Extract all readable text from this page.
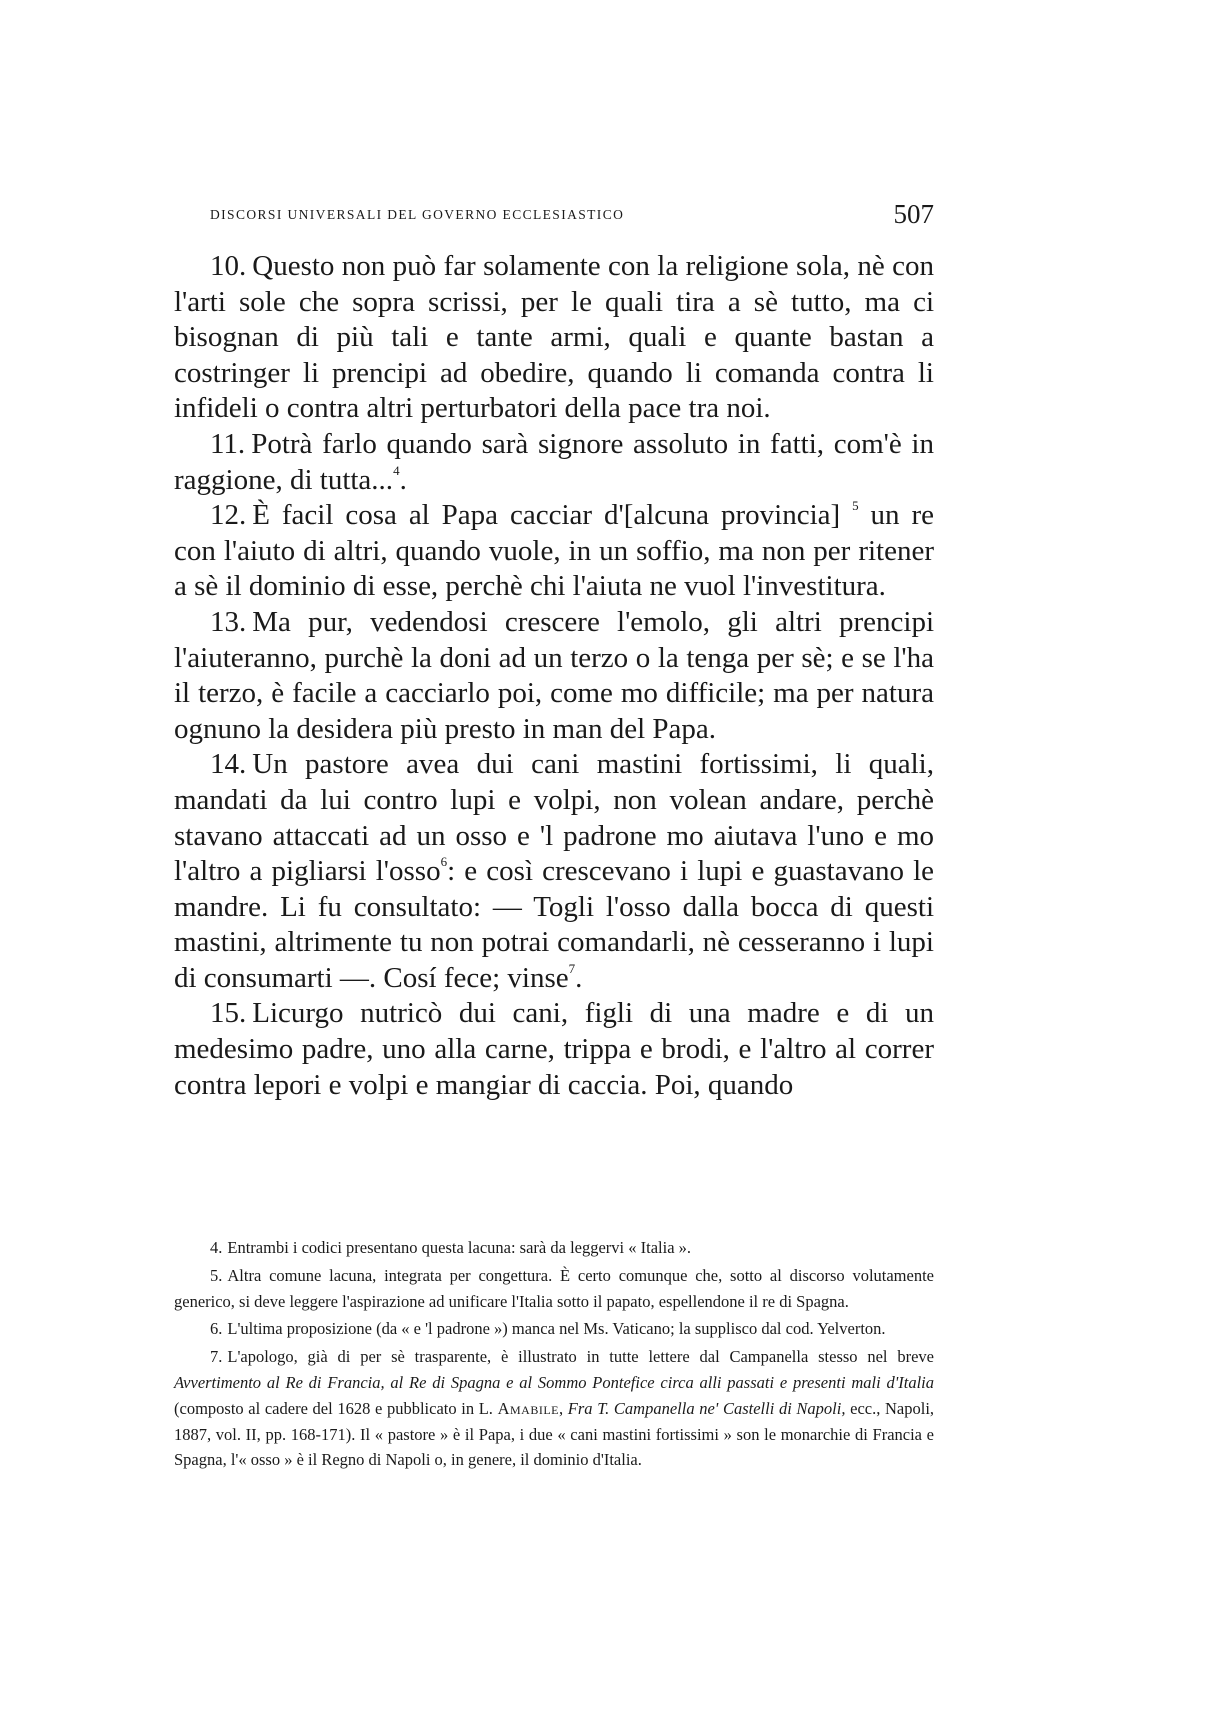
DISCORSI UNIVERSALI DEL GOVERNO ECCLESIASTICO	507

10. Questo non può far solamente con la religione sola, nè con l'arti sole che sopra scrissi, per le quali tira a sè tutto, ma ci bisognan di più tali e tante armi, quali e quante bastan a costringer li prencipi ad obedire, quando li comanda contra li infideli o contra altri perturbatori della pace tra noi.

11. Potrà farlo quando sarà signore assoluto in fatti, com'è in raggione, di tutta...$^4$.

12. È facil cosa al Papa cacciar d'[alcuna provincia] $^5$ un re con l'aiuto di altri, quando vuole, in un soffio, ma non per ritener a sè il dominio di esse, perchè chi l'aiuta ne vuol l'investitura.

13. Ma pur, vedendosi crescere l'emolo, gli altri prencipi l'aiuteranno, purchè la doni ad un terzo o la tenga per sè; e se l'ha il terzo, è facile a cacciarlo poi, come mo difficile; ma per natura ognuno la desidera più presto in man del Papa.

14. Un pastore avea dui cani mastini fortissimi, li quali, mandati da lui contro lupi e volpi, non volean andare, perchè stavano attaccati ad un osso e 'l padrone mo aiutava l'uno e mo l'altro a pigliarsi l'osso$^6$: e così crescevano i lupi e guastavano le mandre. Li fu consultato: — Togli l'osso dalla bocca di questi mastini, altrimente tu non potrai comandarli, nè cesseranno i lupi di consumarti —. Cosí fece; vinse$^7$.

15. Licurgo nutricò dui cani, figli di una madre e di un medesimo padre, uno alla carne, trippa e brodi, e l'altro al correr contra lepori e volpi e mangiar di caccia. Poi, quando

4. Entrambi i codici presentano questa lacuna: sarà da leggervi « Italia ».

5. Altra comune lacuna, integrata per congettura. È certo comunque che, sotto al discorso volutamente generico, si deve leggere l'aspirazione ad unificare l'Italia sotto il papato, espellendone il re di Spagna.

6. L'ultima proposizione (da « e 'l padrone ») manca nel Ms. Vaticano; la supplisco dal cod. Yelverton.

7. L'apologo, già di per sè trasparente, è illustrato in tutte lettere dal Campanella stesso nel breve Avvertimento al Re di Francia, al Re di Spagna e al Sommo Pontefice circa alli passati e presenti mali d'Italia (composto al cadere del 1628 e pubblicato in L. Amabile, Fra T. Campanella ne' Castelli di Napoli, ecc., Napoli, 1887, vol. II, pp. 168-171). Il « pastore » è il Papa, i due « cani mastini fortissimi » son le monarchie di Francia e Spagna, l'« osso » è il Regno di Napoli o, in genere, il dominio d'Italia.
